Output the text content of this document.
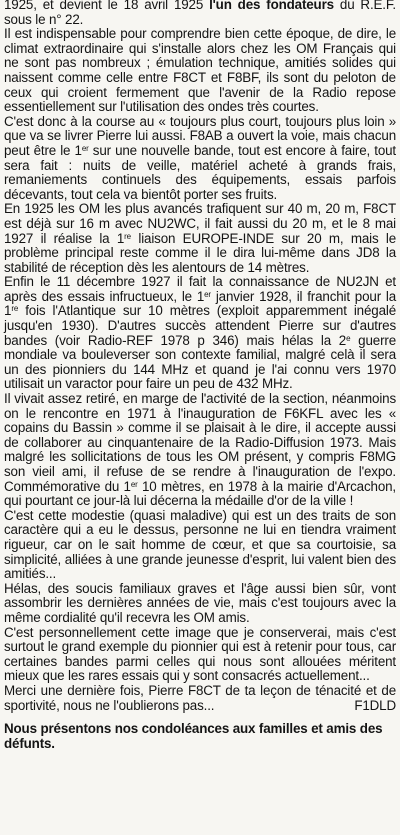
1925, et devient le 18 avril 1925 l'un des fondateurs du R.E.F. sous le n° 22.

Il est indispensable pour comprendre bien cette époque, de dire, le climat extraordinaire qui s'installe alors chez les OM Français qui ne sont pas nombreux ; émulation technique, amitiés solides qui naissent comme celle entre F8CT et F8BF, ils sont du peloton de ceux qui croient fermement que l'avenir de la Radio repose essentiellement sur l'utilisation des ondes très courtes.

C'est donc à la course au « toujours plus court, toujours plus loin » que va se livrer Pierre lui aussi. F8AB a ouvert la voie, mais chacun peut être le 1er sur une nouvelle bande, tout est encore à faire, tout sera fait : nuits de veille, matériel acheté à grands frais, remaniements continuels des équipements, essais parfois décevants, tout cela va bientôt porter ses fruits.

En 1925 les OM les plus avancés trafiquent sur 40 m, 20 m, F8CT est déjà sur 16 m avec NU2WC, il fait aussi du 20 m, et le 8 mai 1927 il réalise la 1re liaison EUROPE-INDE sur 20 m, mais le problème principal reste comme il le dira lui-même dans JD8 la stabilité de réception dès les alentours de 14 mètres.

Enfin le 11 décembre 1927 il fait la connaissance de NU2JN et après des essais infructueux, le 1er janvier 1928, il franchit pour la 1re fois l'Atlantique sur 10 mètres (exploit apparemment inégalé jusqu'en 1930). D'autres succès attendent Pierre sur d'autres bandes (voir Radio-REF 1978 p 346) mais hélas la 2e guerre mondiale va bouleverser son contexte familial, malgré celà il sera un des pionniers du 144 MHz et quand je l'ai connu vers 1970 utilisait un varactor pour faire un peu de 432 MHz.

Il vivait assez retiré, en marge de l'activité de la section, néanmoins on le rencontre en 1971 à l'inauguration de F6KFL avec les « copains du Bassin » comme il se plaisait à le dire, il accepte aussi de collaborer au cinquantenaire de la Radio-Diffusion 1973. Mais malgré les sollicitations de tous les OM présent, y compris F8MG son vieil ami, il refuse de se rendre à l'inauguration de l'expo. Commémorative du 1er 10 mètres, en 1978 à la mairie d'Arcachon, qui pourtant ce jour-là lui décerna la médaille d'or de la ville !

C'est cette modestie (quasi maladive) qui est un des traits de son caractère qui a eu le dessus, personne ne lui en tiendra vraiment rigueur, car on le sait homme de cœur, et que sa courtoisie, sa simplicité, alliées à une grande jeunesse d'esprit, lui valent bien des amitiés...

Hélas, des soucis familiaux graves et l'âge aussi bien sûr, vont assombrir les dernières années de vie, mais c'est toujours avec la même cordialité qu'il recevra les OM amis.

C'est personnellement cette image que je conserverai, mais c'est surtout le grand exemple du pionnier qui est à retenir pour tous, car certaines bandes parmi celles qui nous sont allouées méritent mieux que les rares essais qui y sont consacrés actuellement...

Merci une dernière fois, Pierre F8CT de ta leçon de ténacité et de sportivité, nous ne l'oublierons pas...	F1DLD

Nous présentons nos condoléances aux familles et amis des défunts.
